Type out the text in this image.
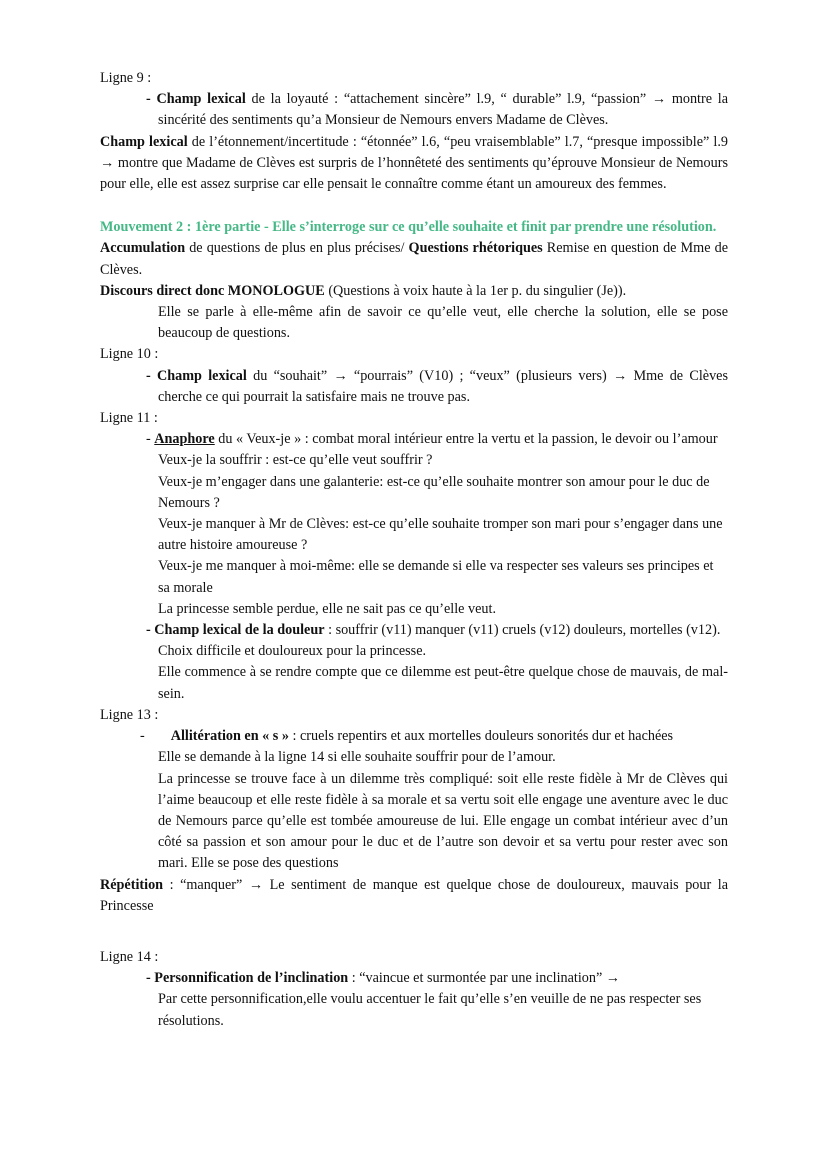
Ligne 9 :

- Champ lexical de la loyauté : “attachement sincère” l.9, “ durable” l.9, “passion” → montre la sincérité des sentiments qu’a Monsieur de Nemours envers Madame de Clèves.

Champ lexical de l’étonnement/incertitude : “étonnée” l.6, “peu vraisemblable” l.7, “presque impossible” l.9 → montre que Madame de Clèves est surpris de l’honnêteté des sentiments qu’éprouve Monsieur de Nemours pour elle, elle est assez surprise car elle pensait le connaître comme étant un amoureux des femmes.

Mouvement 2 : 1ère partie - Elle s’interroge sur ce qu’elle souhaite et finit par prendre une résolution.

Accumulation de questions de plus en plus précises/ Questions rhétoriques Remise en question de Mme de Clèves.

Discours direct donc MONOLOGUE (Questions à voix haute à la 1er p. du singulier (Je)).

Elle se parle à elle-même afin de savoir ce qu’elle veut, elle cherche la solution, elle se pose beaucoup de questions.

Ligne 10 :

- Champ lexical du “souhait” → “pourrais” (V10) ; “veux” (plusieurs vers) → Mme de Clèves cherche ce qui pourrait la satisfaire mais ne trouve pas.

Ligne 11 :

- Anaphore du « Veux-je » : combat moral intérieur entre la vertu et la passion, le devoir ou l’amour

Veux-je la souffrir : est-ce qu’elle veut souffrir ?

Veux-je m’engager dans une galanterie: est-ce qu’elle souhaite montrer son amour pour le duc de Nemours ?

Veux-je manquer à Mr de Clèves: est-ce qu’elle souhaite tromper son mari pour s’engager dans une autre histoire amoureuse ?

Veux-je me manquer à moi-même: elle se demande si elle va respecter ses valeurs ses principes et sa morale

La princesse semble perdue, elle ne sait pas ce qu’elle veut.

- Champ lexical de la douleur : souffrir (v11) manquer (v11) cruels (v12) douleurs, mortelles (v12). Choix difficile et douloureux pour la princesse.

Elle commence à se rendre compte que ce dilemme est peut-être quelque chose de mauvais, de mal-sein.

Ligne 13 :

- Allitération en « s » : cruels repentirs et aux mortelles douleurs sonorités dur et hachées

Elle se demande à la ligne 14 si elle souhaite souffrir pour de l’amour.

La princesse se trouve face à un dilemme très compliqué: soit elle reste fidèle à Mr de Clèves qui l’aime beaucoup et elle reste fidèle à sa morale et sa vertu soit elle engage une aventure avec le duc de Nemours parce qu’elle est tombée amoureuse de lui. Elle engage un combat intérieur avec d’un côté sa passion et son amour pour le duc et de l’autre son devoir et sa vertu pour rester avec son mari. Elle se pose des questions

Répétition : “manquer” → Le sentiment de manque est quelque chose de douloureux, mauvais pour la Princesse

Ligne 14 :

- Personnification de l’inclination : “vaincue et surmontée par une inclination” →

Par cette personnification,elle voulu accentuer le fait qu’elle s’en veuille de ne pas respecter ses résolutions.
